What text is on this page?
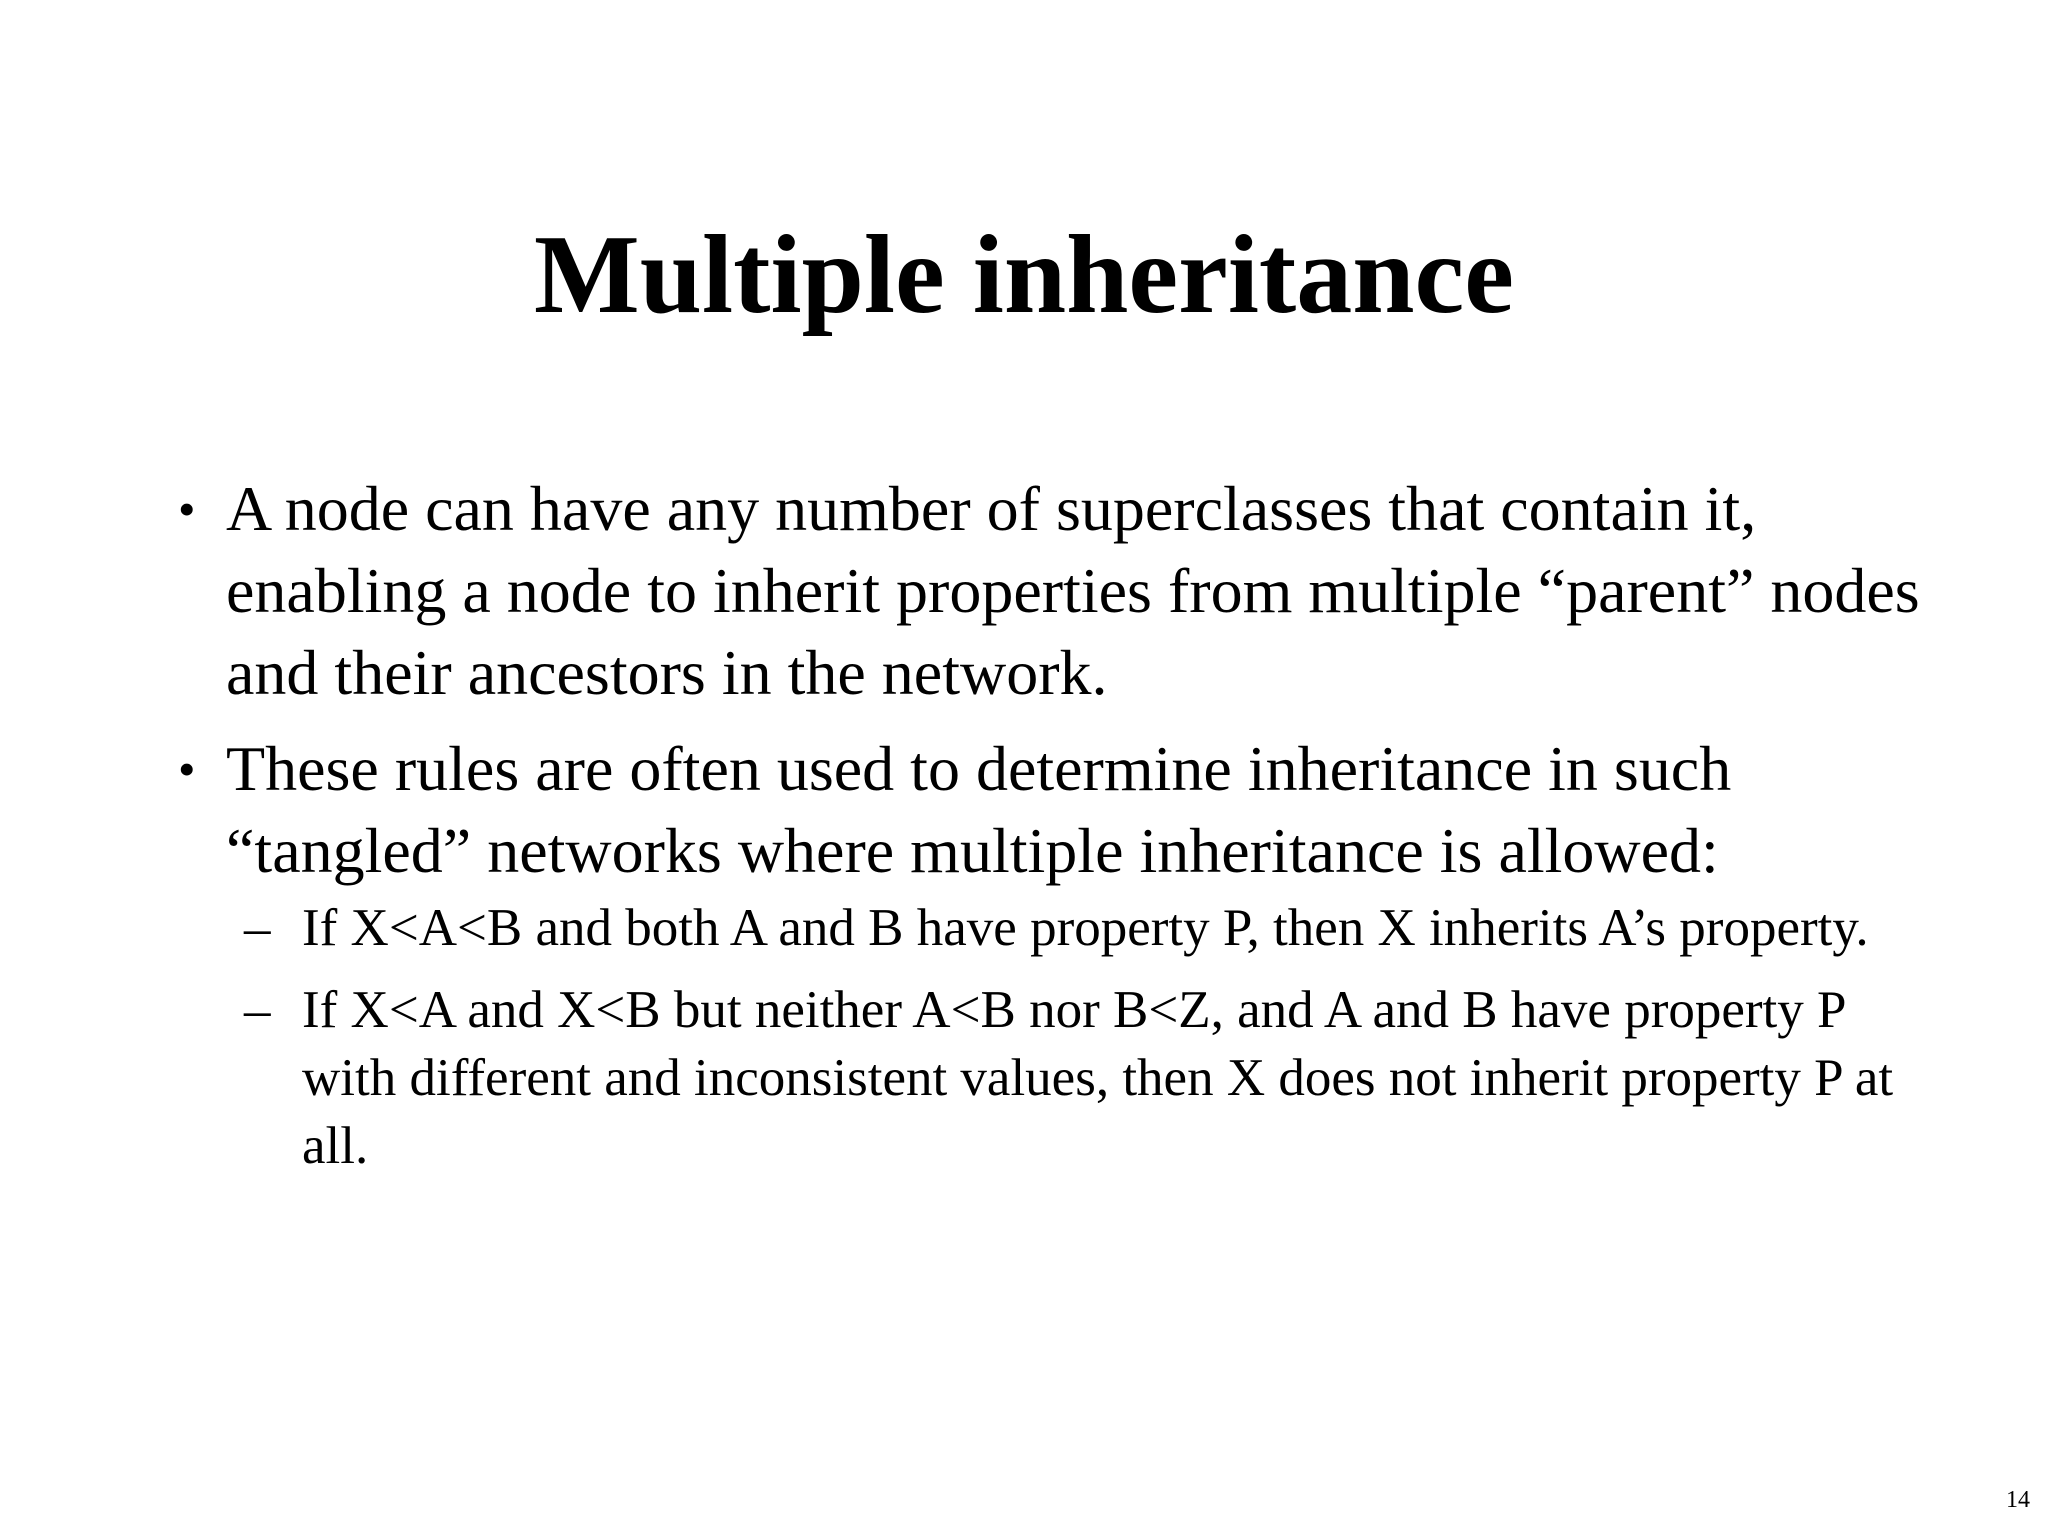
Multiple inheritance
• A node can have any number of superclasses that contain it, enabling a node to inherit properties from multiple “parent” nodes and their ancestors in the network.
• These rules are often used to determine inheritance in such “tangled” networks where multiple inheritance is allowed:
– If X<A<B and both A and B have property P, then X inherits A’s property.
– If X<A and X<B but neither A<B nor B<Z, and A and B have property P with different and inconsistent values, then X does not inherit property P at all.
14
